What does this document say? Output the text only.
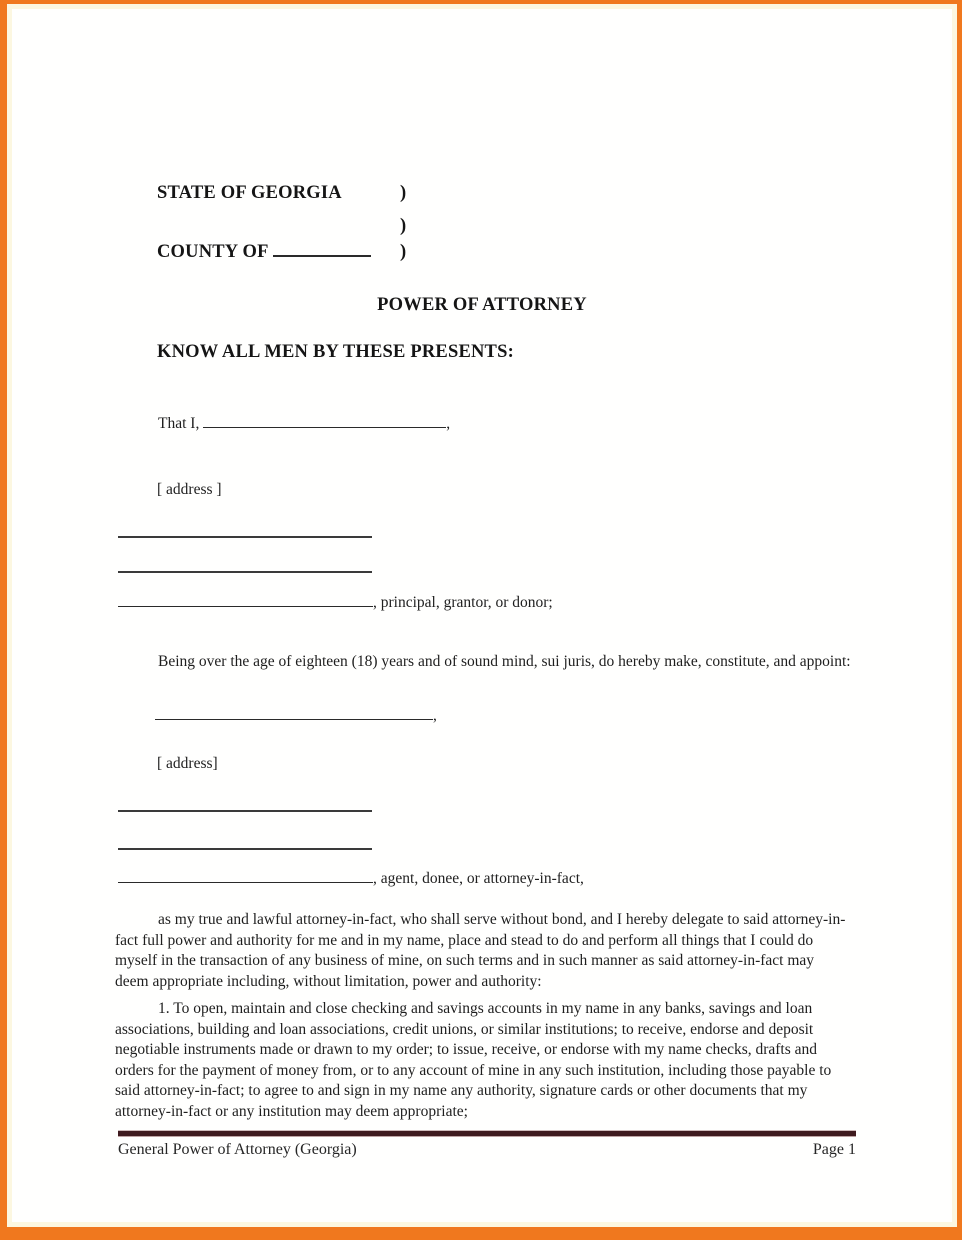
STATE OF GEORGIA	)
)
COUNTY OF	)
POWER OF ATTORNEY
KNOW ALL MEN BY THESE PRESENTS:
That I,	,
[ address ]
, principal, grantor, or donor;
Being over the age of eighteen (18) years and of sound mind, sui juris, do hereby make, constitute, and appoint:
,
[ address]
, agent, donee, or attorney-in-fact,
as my true and lawful attorney-in-fact, who shall serve without bond, and I hereby delegate to said attorney-in-fact full power and authority for me and in my name, place and stead to do and perform all things that I could do myself in the transaction of any business of mine, on such terms and in such manner as said attorney-in-fact may deem appropriate including, without limitation, power and authority:
1. To open, maintain and close checking and savings accounts in my name in any banks, savings and loan associations, building and loan associations, credit unions, or similar institutions; to receive, endorse and deposit negotiable instruments made or drawn to my order; to issue, receive, or endorse with my name checks, drafts and orders for the payment of money from, or to any account of mine in any such institution, including those payable to said attorney-in-fact; to agree to and sign in my name any authority, signature cards or other documents that my attorney-in-fact or any institution may deem appropriate;
General Power of Attorney (Georgia)	Page 1
